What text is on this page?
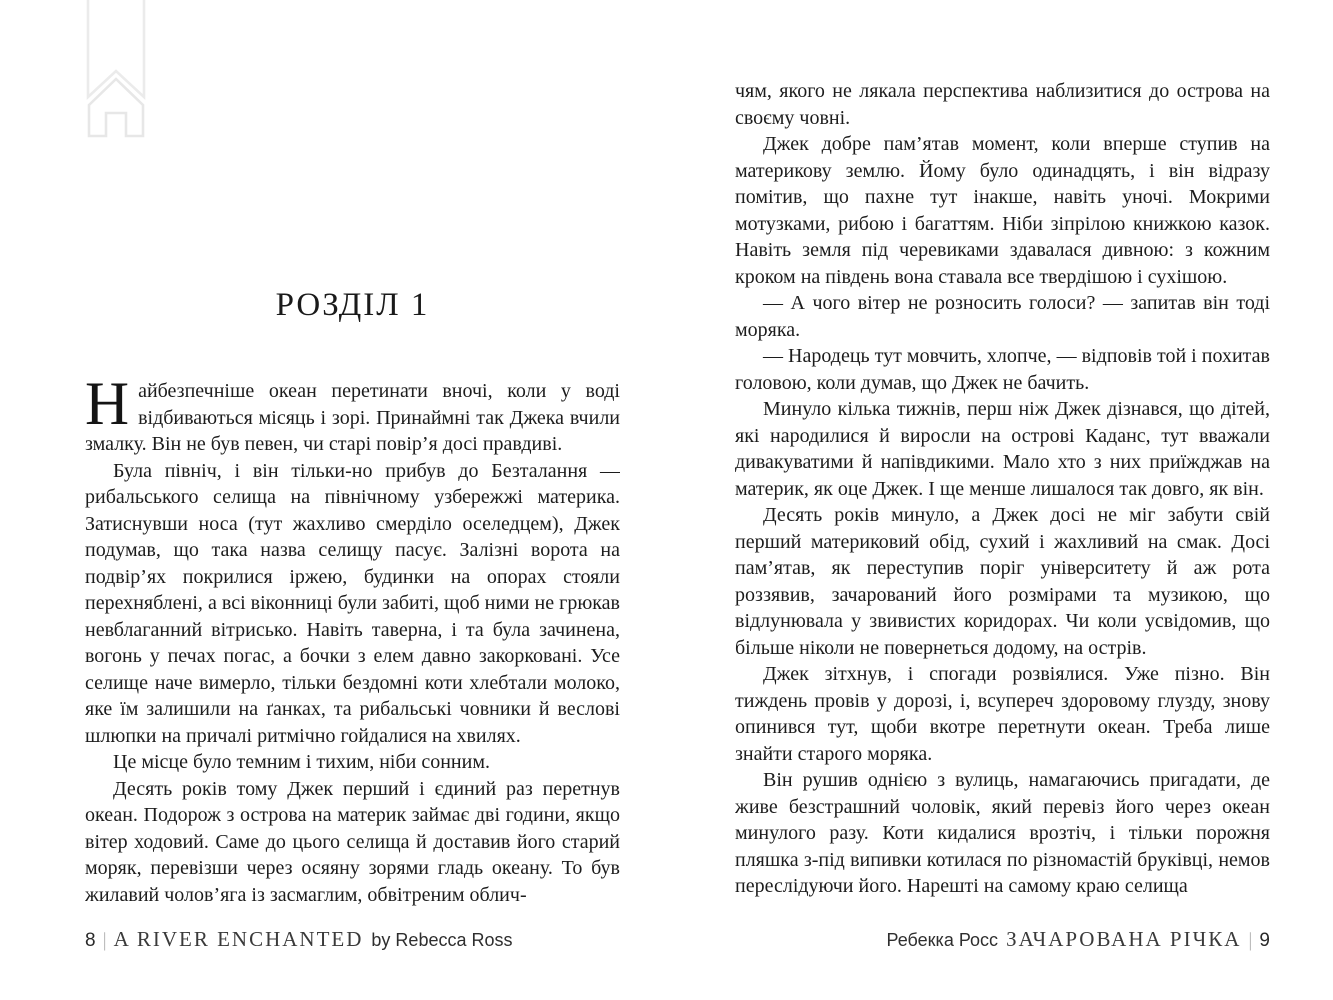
РОЗДІЛ 1

Найбезпечніше океан перетинати вночі, коли у воді відбиваються місяць і зорі. Принаймні так Джека вчили змалку. Він не був певен, чи старі повір’я досі правдиві.

Була північ, і він тільки-но прибув до Безталання — рибальського селища на північному узбережжі материка. Затиснувши носа (тут жахливо смерділо оселедцем), Джек подумав, що така назва селищу пасує. Залізні ворота на подвір’ях покрилися іржею, будинки на опорах стояли перехняблені, а всі віконниці були забиті, щоб ними не грюкав невблаганний вітрисько. Навіть таверна, і та була зачинена, вогонь у печах погас, а бочки з елем давно закорковані. Усе селище наче вимерло, тільки бездомні коти хлебтали молоко, яке їм залишили на ґанках, та рибальські човники й веслові шлюпки на причалі ритмічно гойдалися на хвилях.

Це місце було темним і тихим, ніби сонним.

Десять років тому Джек перший і єдиний раз перетнув океан. Подорож з острова на материк займає дві години, якщо вітер ходовий. Саме до цього селища й доставив його старий моряк, перевізши через осяяну зорями гладь океану. То був жилавий чолов’яга із засмаглим, обвітреним облич-

чям, якого не лякала перспектива наблизитися до острова на своєму човні.

Джек добре пам’ятав момент, коли вперше ступив на материкову землю. Йому було одинадцять, і він відразу помітив, що пахне тут інакше, навіть уночі. Мокрими мотузками, рибою і багаттям. Ніби зіпрілою книжкою казок. Навіть земля під черевиками здавалася дивною: з кожним кроком на південь вона ставала все твердішою і сухішою.

— А чого вітер не розносить голоси? — запитав він тоді моряка.

— Народець тут мовчить, хлопче, — відповів той і похитав головою, коли думав, що Джек не бачить.

Минуло кілька тижнів, перш ніж Джек дізнався, що дітей, які народилися й виросли на острові Каданс, тут вважали дивакуватими й напівдикими. Мало хто з них приїжджав на материк, як оце Джек. І ще менше лишалося так довго, як він.

Десять років минуло, а Джек досі не міг забути свій перший материковий обід, сухий і жахливий на смак. Досі пам’ятав, як переступив поріг університету й аж рота роззявив, зачарований його розмірами та музикою, що відлунювала у звивистих коридорах. Чи коли усвідомив, що більше ніколи не повернеться додому, на острів.

Джек зітхнув, і спогади розвіялися. Уже пізно. Він тиждень провів у дорозі, і, всупереч здоровому глузду, знову опинився тут, щоби вкотре перетнути океан. Треба лише знайти старого моряка.

Він рушив однією з вулиць, намагаючись пригадати, де живе безстрашний чоловік, який перевіз його через океан минулого разу. Коти кидалися врозтіч, і тільки порожня пляшка з-під випивки котилася по різномастій бруківці, немов переслідуючи його. Нарешті на самому краю селища

8 | A RIVER ENCHANTED by Rebecca Ross	Ребекка Росс ЗАЧАРОВАНА РІЧКА | 9
